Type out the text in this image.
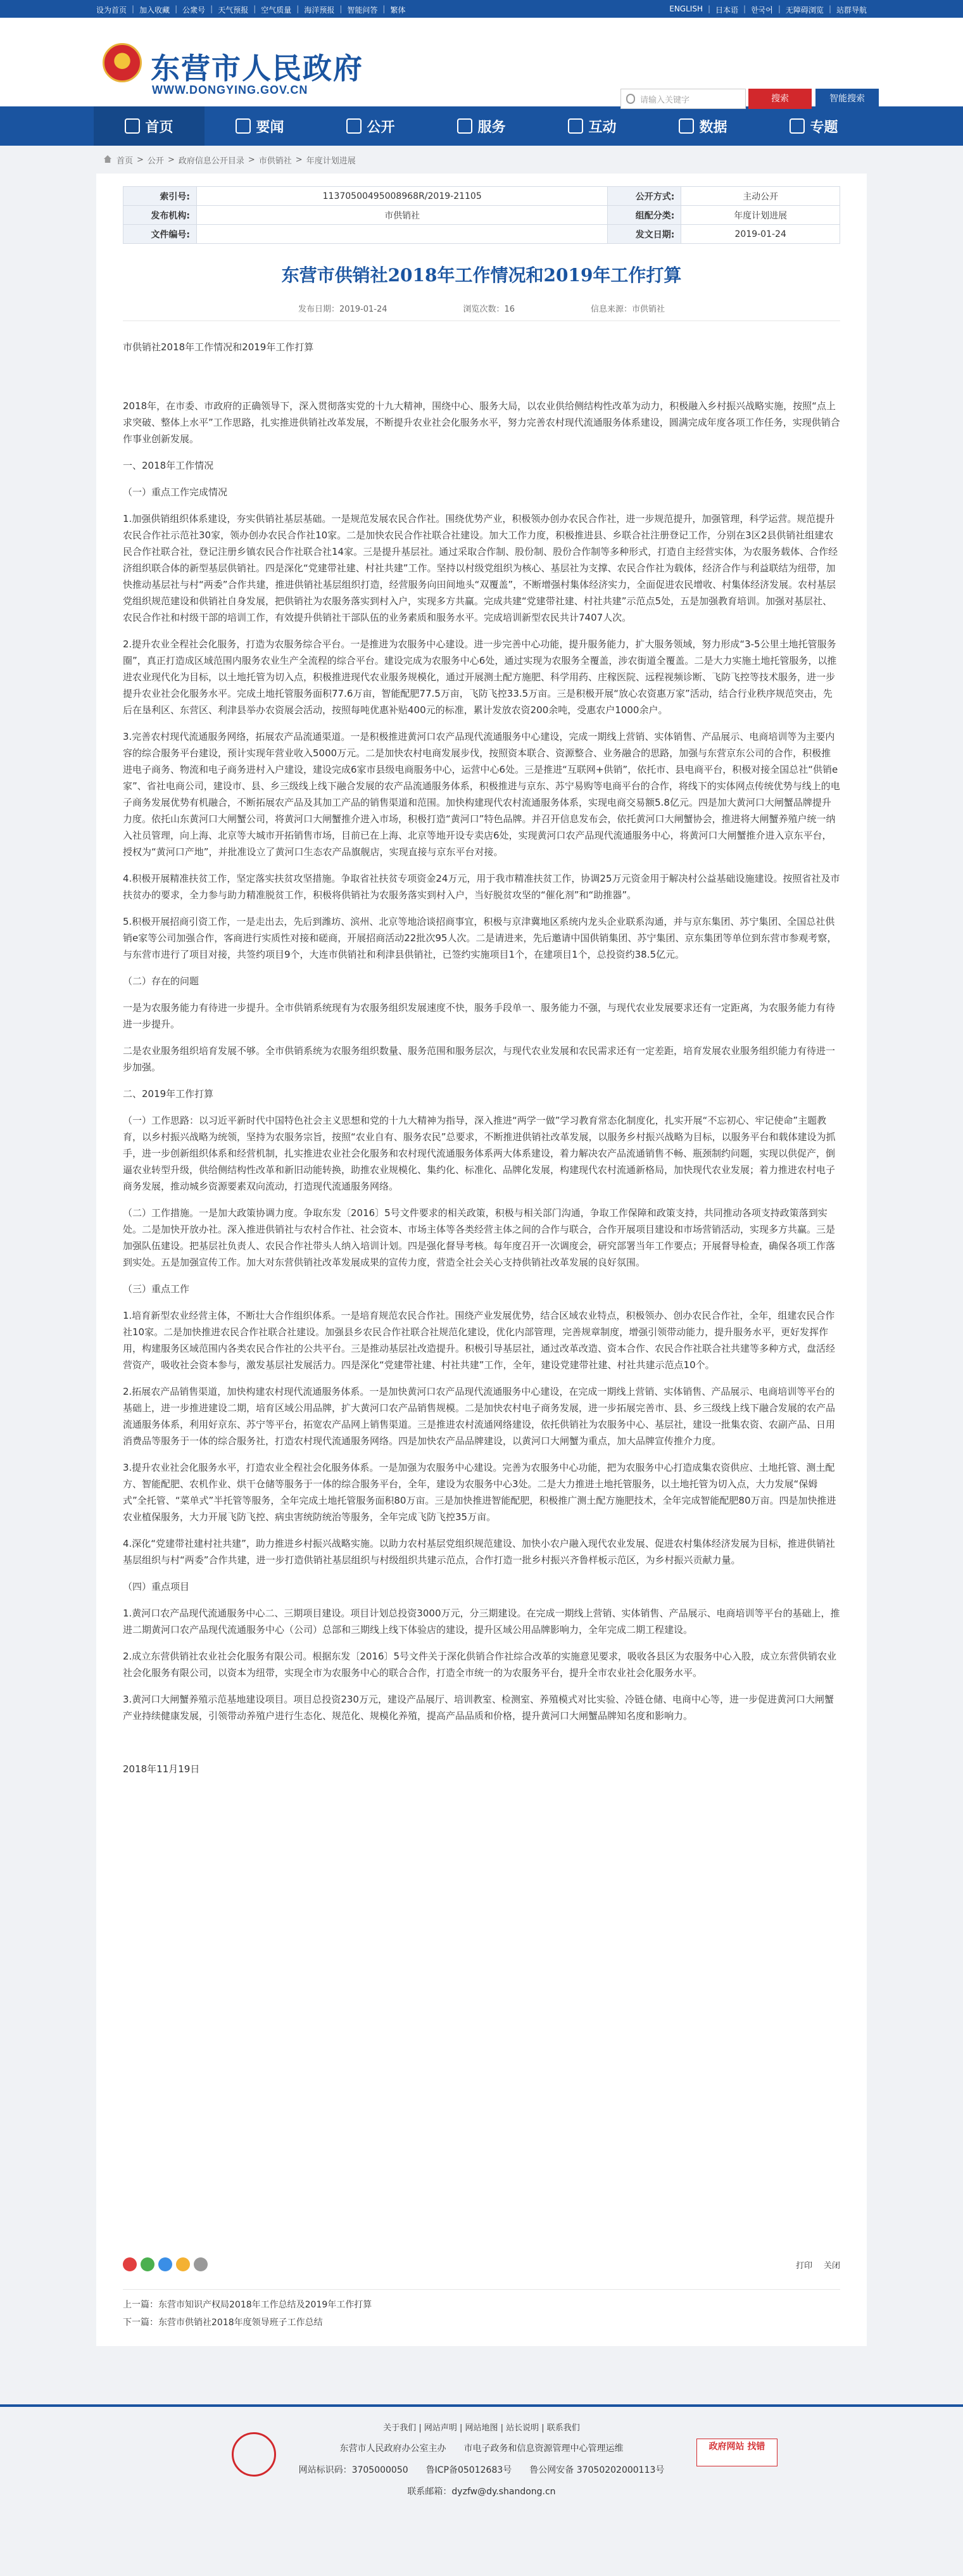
设为首页 | 加入收藏 | 公衆号 | 天气预报 | 空气质量 | 海洋预报 | 智能问答 | 繁体	ENGLISH | 日本语 | 한국어 | 无障碍浏览 | 站群导航
东营市人民政府
WWW.DONGYING.GOV.CN
请输入关键字	搜索	智能搜索
首页	要闻	公开	服务	互动	数据	专题
首页 > 公开 > 政府信息公开目录 > 市供销社 > 年度计划进展
索引号:	11370500495008968R/2019-21105	公开方式:	主动公开
发布机构:	市供销社	组配分类:	年度计划进展
文件编号:		发文日期:	2019-01-24
东营市供销社2018年工作情况和2019年工作打算
发布日期：2019-01-24	浏览次数：16	信息来源：市供销社
市供销社2018年工作情况和2019年工作打算

2018年，在市委、市政府的正确领导下，深入贯彻落实党的十九大精神，围绕中心、服务大局，以农业供给侧结构性改革为动力，积极融入乡村振兴战略实施，按照“点上求突破、整体上水平”工作思路，扎实推进供销社改革发展，不断提升农业社会化服务水平，努力完善农村现代流通服务体系建设，圆满完成年度各项工作任务，实现供销合作事业创新发展。

一、2018年工作情况

（一）重点工作完成情况

1.加强供销组织体系建设，夯实供销社基层基础。一是规范发展农民合作社。围绕优势产业，积极领办创办农民合作社，进一步规范提升，加强管理，科学运营。规范提升农民合作社示范社30家，领办创办农民合作社10家。二是加快农民合作社联合社建设。加大工作力度，积极推进县、乡联合社注册登记工作，分别在3区2县供销社组建农民合作社联合社，登记注册乡镇农民合作社联合社14家。三是提升基层社。通过采取合作制、股份制、股份合作制等多种形式，打造自主经营实体，为农服务载体、合作经济组织联合体的新型基层供销社。四是深化“党建带社建、村社共建”工作。坚持以村级党组织为核心、基层社为支撑、农民合作社为载体，经济合作与利益联结为纽带，加快推动基层社与村“两委”合作共建，推进供销社基层组织打造，经营服务向田间地头“双覆盖”，不断增强村集体经济实力，全面促进农民增收、村集体经济发展。农村基层党组织规范建设和供销社自身发展，把供销社为农服务落实到村入户，实现多方共赢。完成共建“党建带社建、村社共建”示范点5处，五是加强教育培训。加强对基层社、农民合作社和村级干部的培训工作，有效提升供销社干部队伍的业务素质和服务水平。完成培训新型农民共计7407人次。

2.提升农业全程社会化服务，打造为农服务综合平台。一是推进为农服务中心建设。进一步完善中心功能，提升服务能力，扩大服务领域，努力形成“3-5公里土地托管服务圈”，真正打造成区域范围内服务农业生产全流程的综合平台。建设完成为农服务中心6处，通过实现为农服务全覆盖，涉农街道全覆盖。二是大力实施土地托管服务，以推进农业现代化为目标，以土地托管为切入点，积极推进现代农业服务规模化，通过开展测土配方施肥、科学用药、庄稼医院、远程视频诊断、飞防飞控等技术服务，进一步提升农业社会化服务水平。完成土地托管服务面积77.6万亩，智能配肥77.5万亩，飞防飞控33.5万亩。三是积极开展“放心农资惠万家”活动，结合行业秩序规范突击，先后在垦利区、东营区、利津县举办农资展会活动，按照每吨优惠补贴400元的标准，累计发放农资200余吨，受惠农户1000余户。

3.完善农村现代流通服务网络，拓展农产品流通渠道。一是积极推进黄河口农产品现代流通服务中心建设，完成一期线上营销、实体销售、产品展示、电商培训等为主要内容的综合服务平台建设，预计实现年营业收入5000万元。二是加快农村电商发展步伐，按照资本联合、资源整合、业务融合的思路，加强与东营京东公司的合作，积极推进电子商务、物流和电子商务进村入户建设，建设完成6家市县级电商服务中心，运营中心6处。三是推进“互联网+供销”，依托市、县电商平台，积极对接全国总社“供销e家”、省社电商公司，建设市、县、乡三级线上线下融合发展的农产品流通服务体系，积极推进与京东、苏宁易购等电商平台的合作，将线下的实体网点传统优势与线上的电子商务发展优势有机融合，不断拓展农产品及其加工产品的销售渠道和范围。加快构建现代农村流通服务体系，实现电商交易额5.8亿元。四是加大黄河口大闸蟹品牌提升力度。依托山东黄河口大闸蟹公司，将黄河口大闸蟹推介进入市场，积极打造“黄河口”特色品牌。并召开信息发布会，依托黄河口大闸蟹协会，推进将大闸蟹养殖户统一纳入社员管理，向上海、北京等大城市开拓销售市场，目前已在上海、北京等地开设专卖店6处，实现黄河口农产品现代流通服务中心，将黄河口大闸蟹推介进入京东平台，授权为“黄河口产地”，并批准设立了黄河口生态农产品旗舰店，实现直接与京东平台对接。

4.积极开展精准扶贫工作，坚定落实扶贫攻坚措施。争取省社扶贫专项资金24万元，用于我市精准扶贫工作，协调25万元资金用于解决村公益基础设施建设。按照省社及市扶贫办的要求，全力参与助力精准脱贫工作，积极将供销社为农服务落实到村入户，当好脱贫攻坚的“催化剂”和“助推器”。

5.积极开展招商引资工作，一是走出去，先后到潍坊、滨州、北京等地洽谈招商事宜，积极与京津冀地区系统内龙头企业联系沟通，并与京东集团、苏宁集团、全国总社供销e家等公司加强合作，客商进行实质性对接和磋商，开展招商活动22批次95人次。二是请进来，先后邀请中国供销集团、苏宁集团、京东集团等单位到东营市参观考察，与东营市进行了项目对接，共签约项目9个，大连市供销社和利津县供销社，已签约实施项目1个，在建项目1个，总投资约38.5亿元。

（二）存在的问题

一是为农服务能力有待进一步提升。全市供销系统现有为农服务组织发展速度不快，服务手段单一、服务能力不强，与现代农业发展要求还有一定距离，为农服务能力有待进一步提升。

二是农业服务组织培育发展不够。全市供销系统为农服务组织数量、服务范围和服务层次，与现代农业发展和农民需求还有一定差距，培育发展农业服务组织能力有待进一步加强。

二、2019年工作打算

（一）工作思路：以习近平新时代中国特色社会主义思想和党的十九大精神为指导，深入推进“两学一做”学习教育常态化制度化，扎实开展“不忘初心、牢记使命”主题教育，以乡村振兴战略为统领，坚持为农服务宗旨，按照“农业自有、服务农民”总要求，不断推进供销社改革发展，以服务乡村振兴战略为目标，以服务平台和载体建设为抓手，进一步创新组织体系和经营机制，扎实推进农业社会化服务和农村现代流通服务体系两大体系建设，着力解决农产品流通销售不畅、瓶颈制约问题，实现以供促产，倒逼农业转型升级，供给侧结构性改革和新旧动能转换，助推农业规模化、集约化、标准化、品牌化发展，构建现代农村流通新格局，加快现代农业发展；着力推进农村电子商务发展，推动城乡资源要素双向流动，打造现代流通服务网络。

（二）工作措施。一是加大政策协调力度。争取东发〔2016〕5号文件要求的相关政策，积极与相关部门沟通，争取工作保障和政策支持，共同推动各项支持政策落到实处。二是加快开放办社。深入推进供销社与农村合作社、社会资本、市场主体等各类经营主体之间的合作与联合，合作开展项目建设和市场营销活动，实现多方共赢。三是加强队伍建设。把基层社负责人、农民合作社带头人纳入培训计划。四是强化督导考核。每年度召开一次调度会，研究部署当年工作要点；开展督导检查，确保各项工作落到实处。五是加强宣传工作。加大对东营供销社改革发展成果的宣传力度，营造全社会关心支持供销社改革发展的良好氛围。

（三）重点工作

1.培育新型农业经营主体，不断壮大合作组织体系。一是培育规范农民合作社。围绕产业发展优势，结合区域农业特点，积极领办、创办农民合作社，全年，组建农民合作社10家。二是加快推进农民合作社联合社建设。加强县乡农民合作社联合社规范化建设，优化内部管理，完善规章制度，增强引领带动能力，提升服务水平，更好发挥作用，构建服务区域范围内各类农民合作社的公共平台。三是推动基层社改造提升。积极引导基层社，通过改革改造、资本合作、农民合作社联合社共建等多种方式，盘活经营资产，吸收社会资本参与，激发基层社发展活力。四是深化“党建带社建、村社共建”工作，全年，建设党建带社建、村社共建示范点10个。

2.拓展农产品销售渠道，加快构建农村现代流通服务体系。一是加快黄河口农产品现代流通服务中心建设，在完成一期线上营销、实体销售、产品展示、电商培训等平台的基础上，进一步推进建设二期，培育区域公用品牌，扩大黄河口农产品销售规模。二是加快农村电子商务发展，进一步拓展完善市、县、乡三级线上线下融合发展的农产品流通服务体系，利用好京东、苏宁等平台，拓宽农产品网上销售渠道。三是推进农村流通网络建设，依托供销社为农服务中心、基层社，建设一批集农资、农副产品、日用消费品等服务于一体的综合服务社，打造农村现代流通服务网络。四是加快农产品品牌建设，以黄河口大闸蟹为重点，加大品牌宣传推介力度。

3.提升农业社会化服务水平，打造农业全程社会化服务体系。一是加强为农服务中心建设。完善为农服务中心功能，把为农服务中心打造成集农资供应、土地托管、测土配方、智能配肥、农机作业、烘干仓储等服务于一体的综合服务平台，全年，建设为农服务中心3处。二是大力推进土地托管服务，以土地托管为切入点，大力发展“保姆式”全托管、“菜单式”半托管等服务，全年完成土地托管服务面积80万亩。三是加快推进智能配肥，积极推广测土配方施肥技术，全年完成智能配肥80万亩。四是加快推进农业植保服务，大力开展飞防飞控、病虫害统防统治等服务，全年完成飞防飞控35万亩。

4.深化“党建带社建村社共建”，助力推进乡村振兴战略实施。以助力农村基层党组织规范建设、加快小农户融入现代农业发展、促进农村集体经济发展为目标，推进供销社基层组织与村“两委”合作共建，进一步打造供销社基层组织与村级组织共建示范点，合作打造一批乡村振兴齐鲁样板示范区，为乡村振兴贡献力量。

（四）重点项目

1.黄河口农产品现代流通服务中心二、三期项目建设。项目计划总投资3000万元，分三期建设。在完成一期线上营销、实体销售、产品展示、电商培训等平台的基础上，推进二期黄河口农产品现代流通服务中心（公司）总部和三期线上线下体验店的建设，提升区域公用品牌影响力，全年完成二期工程建设。

2.成立东营供销社农业社会化服务有限公司。根据东发〔2016〕5号文件关于深化供销合作社综合改革的实施意见要求，吸收各县区为农服务中心入股，成立东营供销农业社会化服务有限公司，以资本为纽带，实现全市为农服务中心的联合合作，打造全市统一的为农服务平台，提升全市农业社会化服务水平。

3.黄河口大闸蟹养殖示范基地建设项目。项目总投资230万元，建设产品展厅、培训教室、检测室、养殖模式对比实验、冷链仓储、电商中心等，进一步促进黄河口大闸蟹产业持续健康发展，引领带动养殖户进行生态化、规范化、规模化养殖，提高产品品质和价格，提升黄河口大闸蟹品牌知名度和影响力。

2018年11月19日
打印 关闭
上一篇：东营市知识产权局2018年工作总结及2019年工作打算
下一篇：东营市供销社2018年度领导班子工作总结
关于我们 | 网站声明 | 网站地图 | 站长说明 | 联系我们
东营市人民政府办公室主办　　市电子政务和信息资源管理中心管理运维
网站标识码：3705000050　　鲁ICP备05012683号　　鲁公网安备 37050202000113号
联系邮箱：dyzfw@dy.shandong.cn
政府网站 找错
